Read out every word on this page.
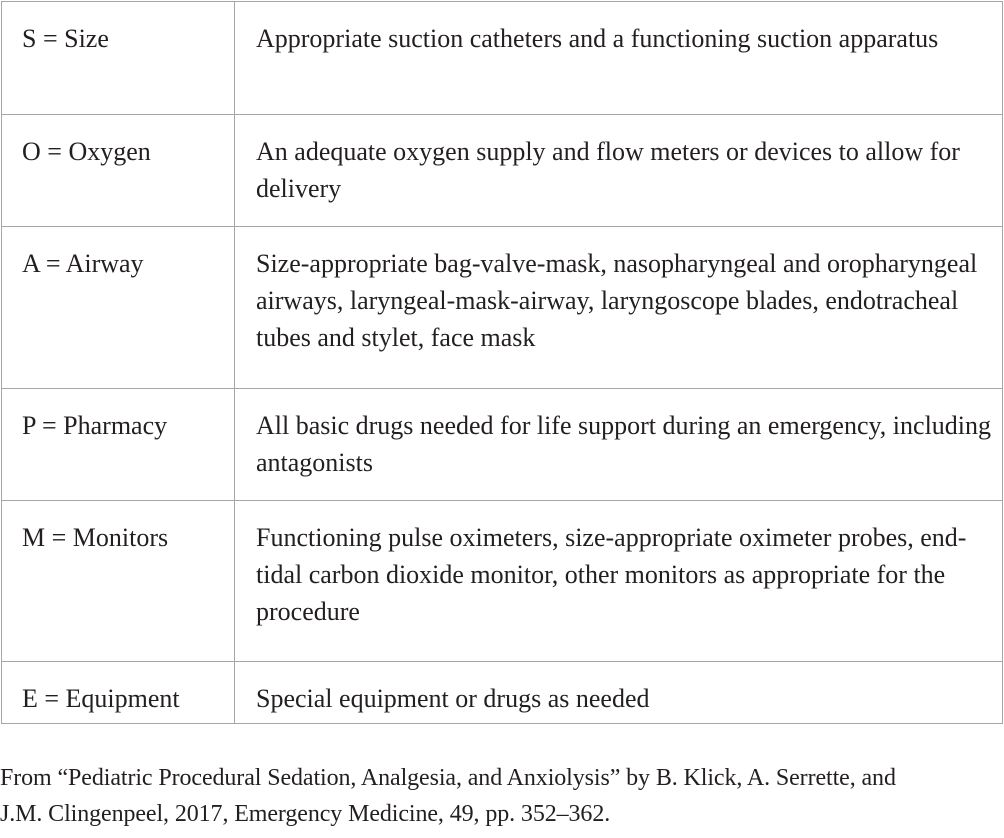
S = Size	Appropriate suction catheters and a functioning suction apparatus

O = Oxygen	An adequate oxygen supply and flow meters or devices to allow for delivery

A = Airway	Size-appropriate bag-valve-mask, nasopharyngeal and oropharyngeal airways, laryngeal-mask-airway, laryngoscope blades, endotracheal tubes and stylet, face mask

P = Pharmacy	All basic drugs needed for life support during an emergency, including antagonists

M = Monitors	Functioning pulse oximeters, size-appropriate oximeter probes, end-tidal carbon dioxide monitor, other monitors as appropriate for the procedure

E = Equipment	Special equipment or drugs as needed
From “Pediatric Procedural Sedation, Analgesia, and Anxiolysis” by B. Klick, A. Serrette, and
J.M. Clingenpeel, 2017, Emergency Medicine, 49, pp. 352–362.
